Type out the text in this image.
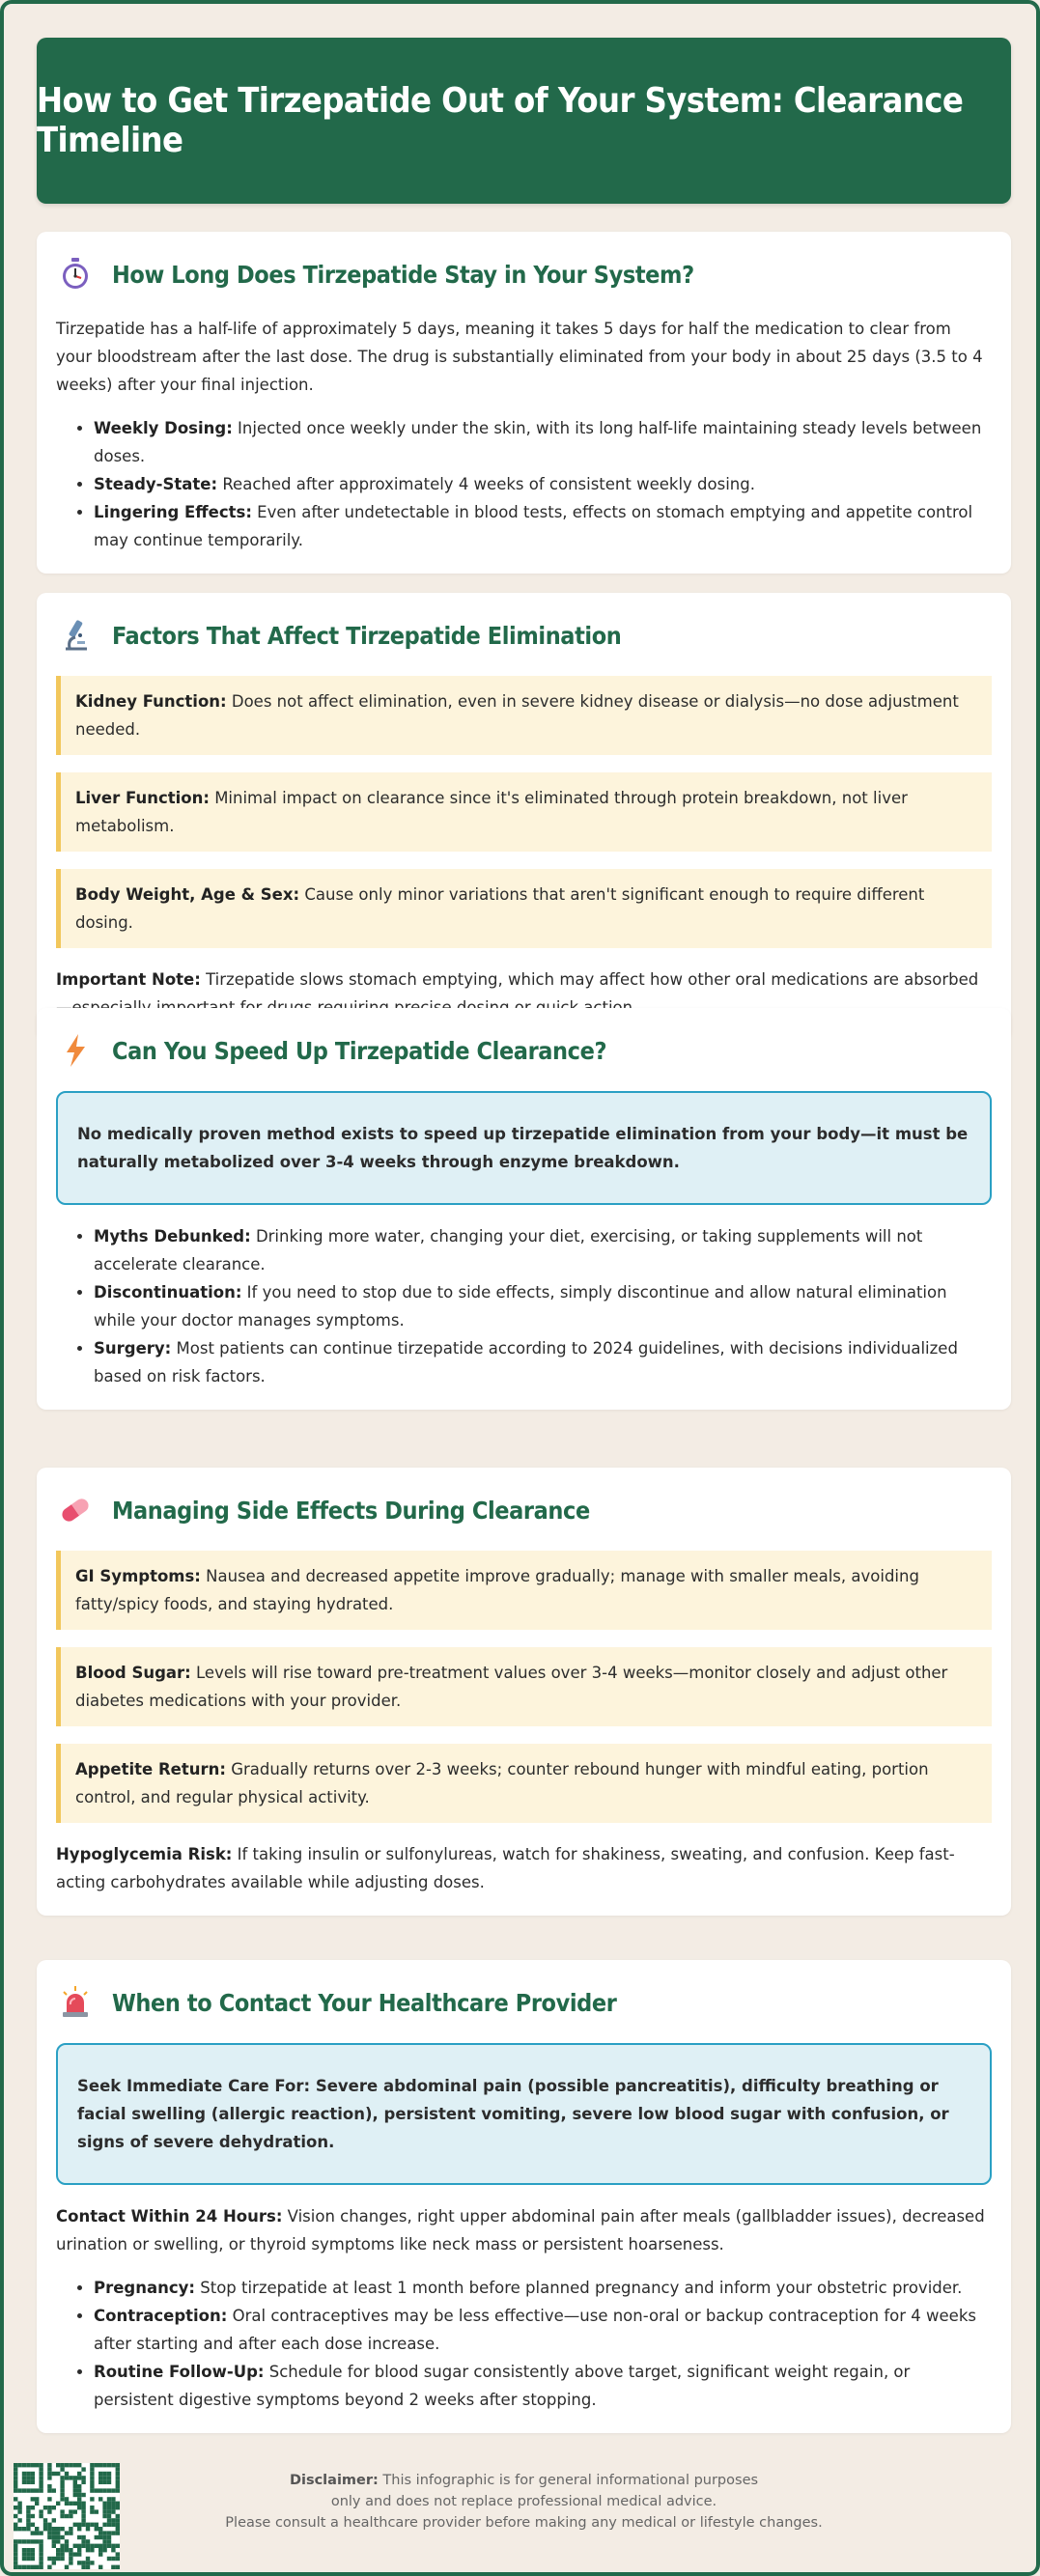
How to Get Tirzepatide Out of Your System: Clearance Timeline
How Long Does Tirzepatide Stay in Your System?

Tirzepatide has a half-life of approximately 5 days, meaning it takes 5 days for half the medication to clear from your bloodstream after the last dose. The drug is substantially eliminated from your body in about 25 days (3.5 to 4 weeks) after your final injection.

• Weekly Dosing: Injected once weekly under the skin, with its long half-life maintaining steady levels between doses.
• Steady-State: Reached after approximately 4 weeks of consistent weekly dosing.
• Lingering Effects: Even after undetectable in blood tests, effects on stomach emptying and appetite control may continue temporarily.
Factors That Affect Tirzepatide Elimination

Kidney Function: Does not affect elimination, even in severe kidney disease or dialysis—no dose adjustment needed.

Liver Function: Minimal impact on clearance since it's eliminated through protein breakdown, not liver metabolism.

Body Weight, Age & Sex: Cause only minor variations that aren't significant enough to require different dosing.

Important Note: Tirzepatide slows stomach emptying, which may affect how other oral medications are absorbed

Can You Speed Up Tirzepatide Clearance?

No medically proven method exists to speed up tirzepatide elimination from your body—it must be naturally metabolized over 3-4 weeks through enzyme breakdown.

• Myths Debunked: Drinking more water, changing your diet, exercising, or taking supplements will not accelerate clearance.
• Discontinuation: If you need to stop due to side effects, simply discontinue and allow natural elimination while your doctor manages symptoms.
• Surgery: Most patients can continue tirzepatide according to 2024 guidelines, with decisions individualized based on risk factors.
Managing Side Effects During Clearance

GI Symptoms: Nausea and decreased appetite improve gradually; manage with smaller meals, avoiding fatty/spicy foods, and staying hydrated.

Blood Sugar: Levels will rise toward pre-treatment values over 3-4 weeks—monitor closely and adjust other diabetes medications with your provider.

Appetite Return: Gradually returns over 2-3 weeks; counter rebound hunger with mindful eating, portion control, and regular physical activity.

Hypoglycemia Risk: If taking insulin or sulfonylureas, watch for shakiness, sweating, and confusion. Keep fast-acting carbohydrates available while adjusting doses.

When to Contact Your Healthcare Provider

Seek Immediate Care For: Severe abdominal pain (possible pancreatitis), difficulty breathing or facial swelling (allergic reaction), persistent vomiting, severe low blood sugar with confusion, or signs of severe dehydration.

Contact Within 24 Hours: Vision changes, right upper abdominal pain after meals (gallbladder issues), decreased urination or swelling, or thyroid symptoms like neck mass or persistent hoarseness.

• Pregnancy: Stop tirzepatide at least 1 month before planned pregnancy and inform your obstetric provider.
• Contraception: Oral contraceptives may be less effective—use non-oral or backup contraception for 4 weeks after starting and after each dose increase.
• Routine Follow-Up: Schedule for blood sugar consistently above target, significant weight regain, or persistent digestive symptoms beyond 2 weeks after stopping.
Disclaimer: This infographic is for general informational purposes
only and does not replace professional medical advice.
Please consult a healthcare provider before making any medical or lifestyle changes.
